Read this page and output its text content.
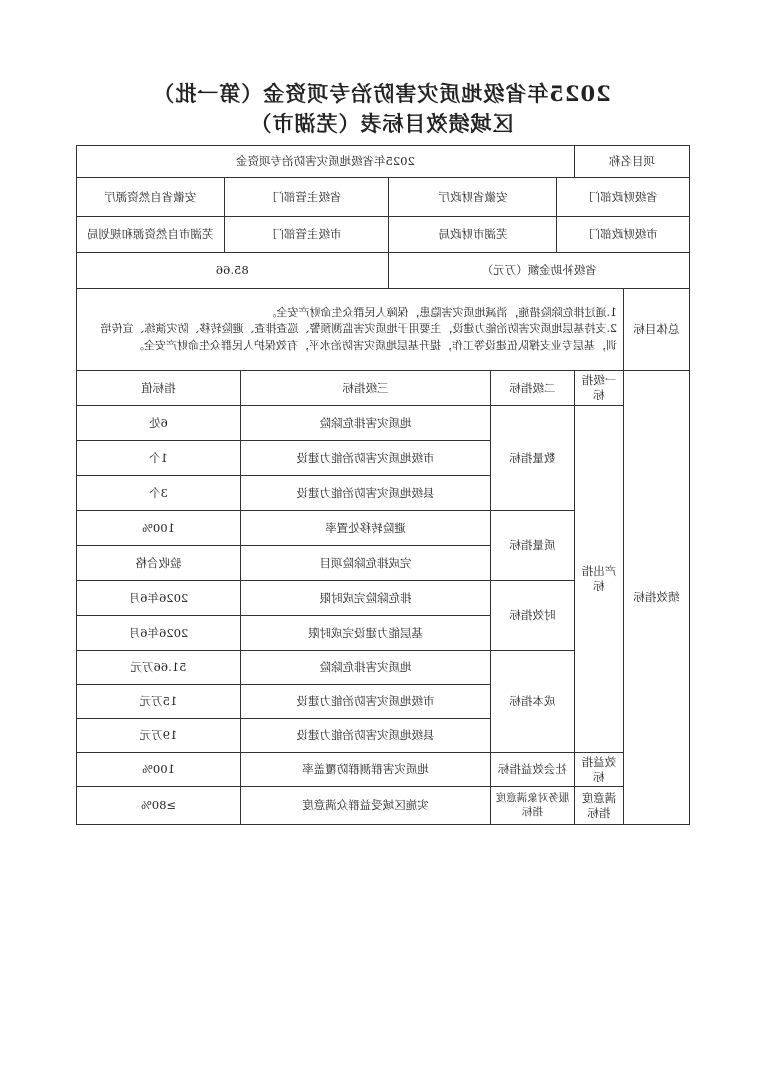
2025年省级地质灾害防治专项资金（第一批）
区域绩效目标表（芜湖市）
项目名称	2025年省级地质灾害防治专项资金

省级财政部门	安徽省财政厅	省级主管部门	安徽省自然资源厅

市级财政部门	芜湖市财政局	市级主管部门	芜湖市自然资源和规划局

省级补助金额（万元）	85.66

总体目标	
1.通过排危除险措施，消减地质灾害隐患，保障人民群众生命财产安全。
2.支持基层地质灾害防治能力建设，主要用于地质灾害监测预警、巡查排查、避险转移、防灾演练、宣传培训，基层专业支撑队伍建设等工作，提升基层地质灾害防治水平，有效保护人民群众生命财产安全。

绩效指标	一级指标	二级指标	三级指标	指标值
产出指标	数量指标	地质灾害排危除险	6处
市级地质灾害防治能力建设	1个
县级地质灾害防治能力建设	3个
质量指标	避险转移处置率	100%
完成排危除险项目	验收合格
时效指标	排危除险完成时限	2026年6月
基层能力建设完成时限	2026年6月
成本指标	地质灾害排危除险	51.66万元
市级地质灾害防治能力建设	15万元
县级地质灾害防治能力建设	19万元
效益指标	社会效益指标	地质灾害群测群防覆盖率	100%
满意度指标	服务对象满意度指标	实施区域受益群众满意度	≥80%
